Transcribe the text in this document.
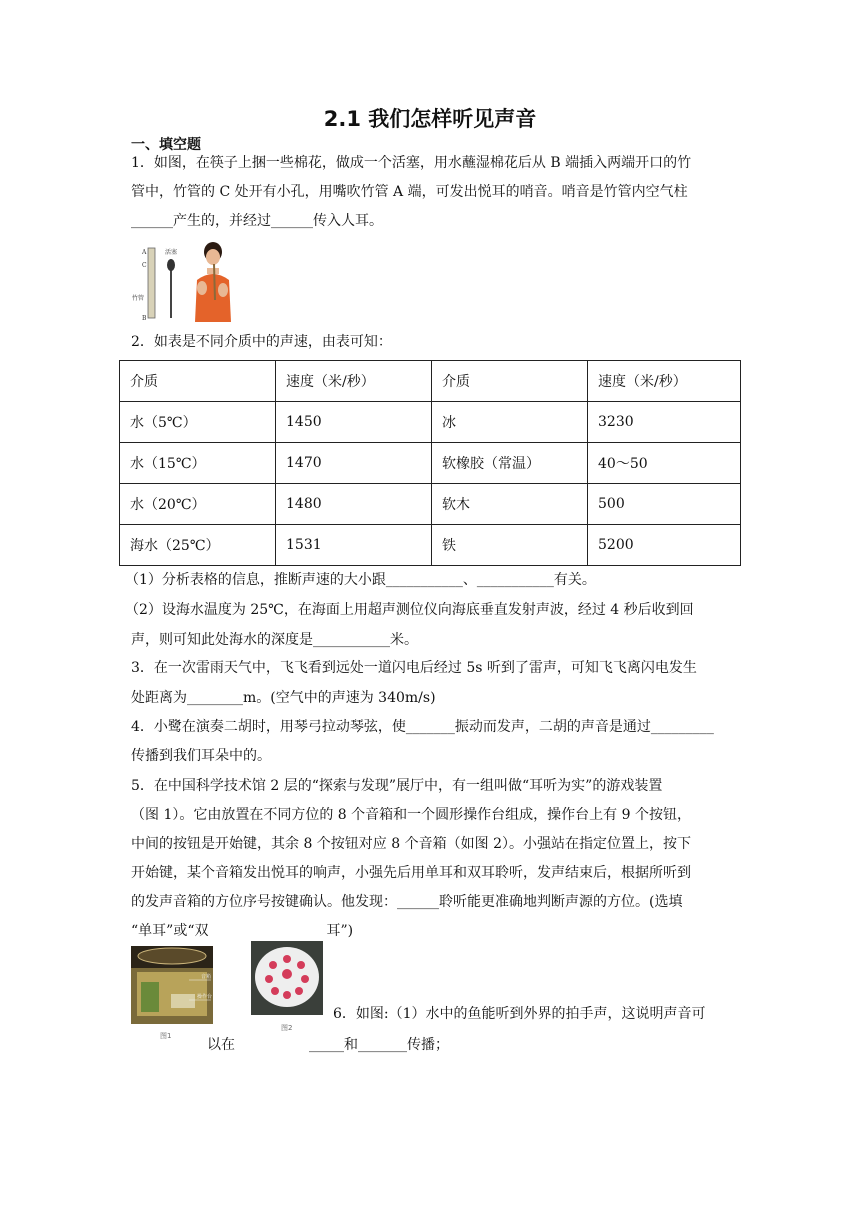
2.1 我们怎样听见声音
一、填空题
1．如图，在筷子上捆一些棉花，做成一个活塞，用水蘸湿棉花后从 B 端插入两端开口的竹
管中，竹管的 C 处开有小孔，用嘴吹竹管 A 端，可发出悦耳的哨音。哨音是竹管内空气柱
______产生的，并经过______传入人耳。
A
C
活塞
竹管
B
2．如表是不同介质中的声速，由表可知：
介质	速度（米/秒）	介质	速度（米/秒）
水（5℃）	1450	冰	3230
水（15℃）	1470	软橡胶（常温）	40～50
水（20℃）	1480	软木	500
海水（25℃）	1531	铁	5200
（1）分析表格的信息，推断声速的大小跟___________、___________有关。
（2）设海水温度为 25℃，在海面上用超声测位仪向海底垂直发射声波，经过 4 秒后收到回
声，则可知此处海水的深度是___________米。
3．在一次雷雨天气中，飞飞看到远处一道闪电后经过 5s 听到了雷声，可知飞飞离闪电发生
处距离为________m。(空气中的声速为 340m/s)
4．小鹭在演奏二胡时，用琴弓拉动琴弦，使_______振动而发声，二胡的声音是通过_________
传播到我们耳朵中的。
5．在中国科学技术馆 2 层的“探索与发现”展厅中，有一组叫做“耳听为实”的游戏装置
（图 1）。它由放置在不同方位的 8 个音箱和一个圆形操作台组成，操作台上有 9 个按钮，
中间的按钮是开始键，其余 8 个按钮对应 8 个音箱（如图 2）。小强站在指定位置上，按下
开始键，某个音箱发出悦耳的响声，小强先后用单耳和双耳聆听，发声结束后，根据所听到
的发声音箱的方位序号按键确认。他发现：______聆听能更准确地判断声源的方位。(选填
“单耳”或“双	耳”)
音箱
操作台
图1
图2
6．如图:（1）水中的鱼能听到外界的拍手声，这说明声音可
以在	_____和_______传播；
